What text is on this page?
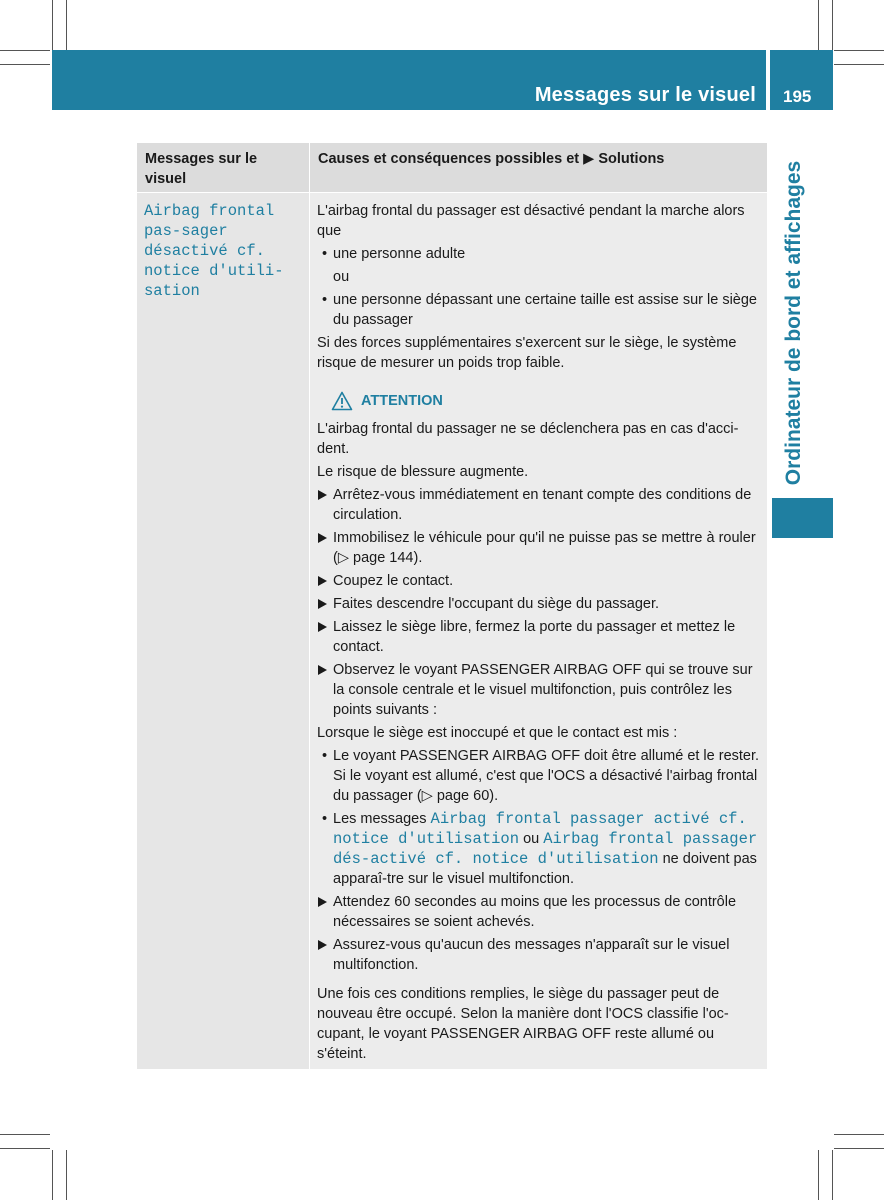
Messages sur le visuel 195
Ordinateur de bord et affichages
Messages sur le visuel
Causes et conséquences possibles et ▶ Solutions
Airbag frontal pas-sager désactivé cf. notice d'utili-sation

L'airbag frontal du passager est désactivé pendant la marche alors que

• une personne adulte
ou
• une personne dépassant une certaine taille est assise sur le siège du passager

Si des forces supplémentaires s'exercent sur le siège, le système risque de mesurer un poids trop faible.

ATTENTION

L'airbag frontal du passager ne se déclenchera pas en cas d'acci-dent.

Le risque de blessure augmente.

Arrêtez-vous immédiatement en tenant compte des conditions de circulation.
Immobilisez le véhicule pour qu'il ne puisse pas se mettre à rouler (▷ page 144).
Coupez le contact.
Faites descendre l'occupant du siège du passager.
Laissez le siège libre, fermez la porte du passager et mettez le contact.
Observez le voyant PASSENGER AIRBAG OFF qui se trouve sur la console centrale et le visuel multifonction, puis contrôlez les points suivants :

Lorsque le siège est inoccupé et que le contact est mis :

• Le voyant PASSENGER AIRBAG OFF doit être allumé et le rester. Si le voyant est allumé, c'est que l'OCS a désactivé l'airbag frontal du passager (▷ page 60).
• Les messages Airbag frontal passager activé cf. notice d'utilisation ou Airbag frontal passager dés-activé cf. notice d'utilisation ne doivent pas apparaî-tre sur le visuel multifonction.
Attendez 60 secondes au moins que les processus de contrôle nécessaires se soient achevés.
Assurez-vous qu'aucun des messages n'apparaît sur le visuel multifonction.

Une fois ces conditions remplies, le siège du passager peut de nouveau être occupé. Selon la manière dont l'OCS classifie l'oc-cupant, le voyant PASSENGER AIRBAG OFF reste allumé ou s'éteint.
